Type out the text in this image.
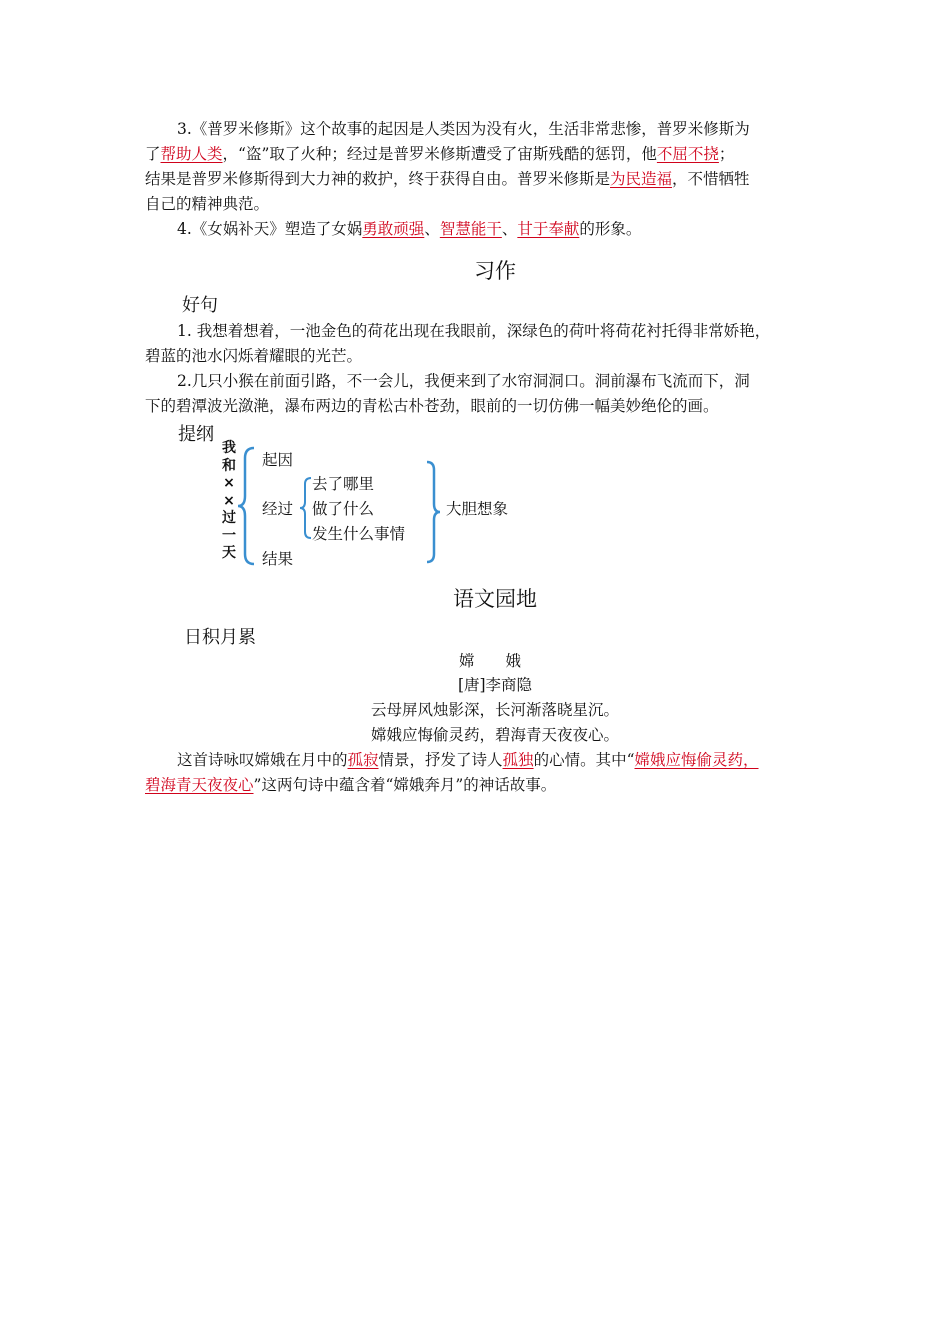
3.《普罗米修斯》这个故事的起因是人类因为没有火，生活非常悲惨，普罗米修斯为
了帮助人类，“盗”取了火种；经过是普罗米修斯遭受了宙斯残酷的惩罚，他不屈不挠；
结果是普罗米修斯得到大力神的救护，终于获得自由。普罗米修斯是为民造福，不惜牺牲
自己的精神典范。
4.《女娲补天》塑造了女娲勇敢顽强、智慧能干、甘于奉献的形象。
习作
好句
1. 我想着想着，一池金色的荷花出现在我眼前，深绿色的荷叶将荷花衬托得非常娇艳，
碧蓝的池水闪烁着耀眼的光芒。
2.几只小猴在前面引路，不一会儿，我便来到了水帘洞洞口。洞前瀑布飞流而下，洞
下的碧潭波光潋滟，瀑布两边的青松古朴苍劲，眼前的一切仿佛一幅美妙绝伦的画。
提纲
我
和
×
×
过
一
天
起因
经过
结果
去了哪里
做了什么
发生什么事情
大胆想象
语文园地
日积月累
嫦　　娥
[唐]李商隐
云母屏风烛影深，长河渐落晓星沉。
嫦娥应悔偷灵药，碧海青天夜夜心。
这首诗咏叹嫦娥在月中的孤寂情景，抒发了诗人孤独的心情。其中“嫦娥应悔偷灵药，
碧海青天夜夜心”这两句诗中蕴含着“嫦娥奔月”的神话故事。
